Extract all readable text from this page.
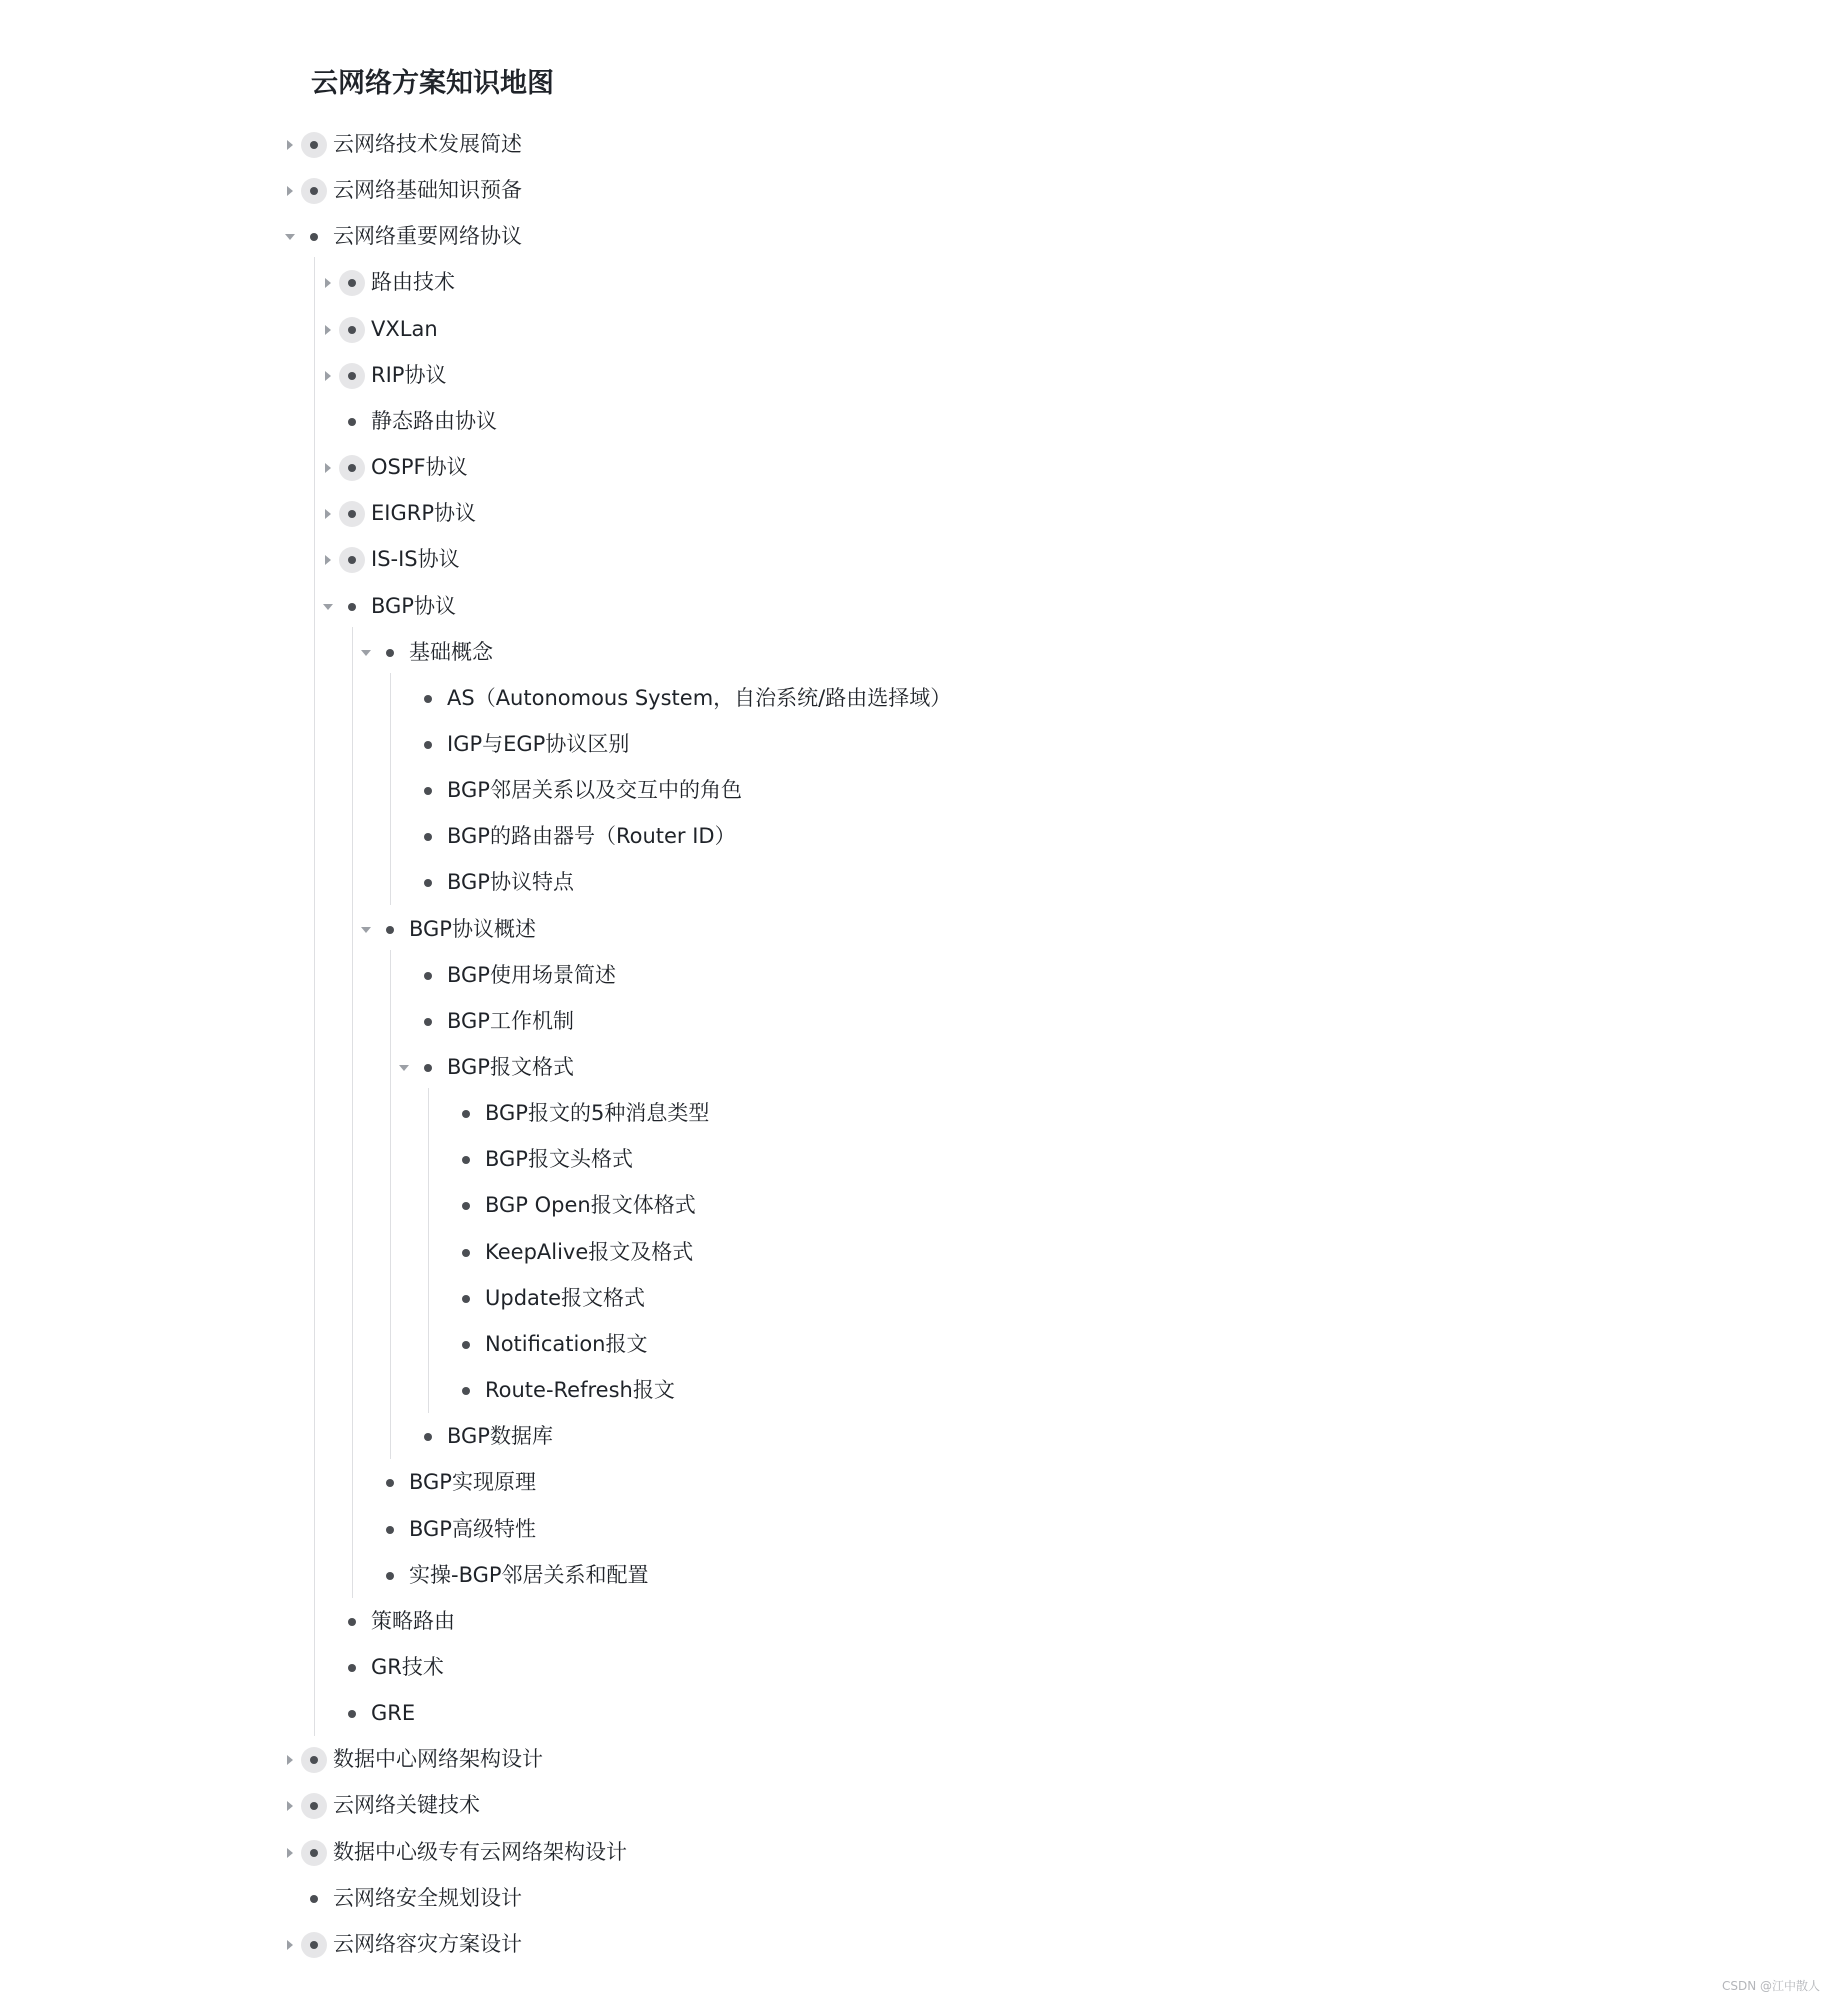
云网络方案知识地图
云网络技术发展简述
云网络基础知识预备
云网络重要网络协议
路由技术
VXLan
RIP协议
静态路由协议
OSPF协议
EIGRP协议
IS-IS协议
BGP协议
基础概念
AS（Autonomous System，自治系统/路由选择域）
IGP与EGP协议区别
BGP邻居关系以及交互中的角色
BGP的路由器号（Router ID）
BGP协议特点
BGP协议概述
BGP使用场景简述
BGP工作机制
BGP报文格式
BGP报文的5种消息类型
BGP报文头格式
BGP Open报文体格式
KeepAlive报文及格式
Update报文格式
Notification报文
Route-Refresh报文
BGP数据库
BGP实现原理
BGP高级特性
实操-BGP邻居关系和配置
策略路由
GR技术
GRE
数据中心网络架构设计
云网络关键技术
数据中心级专有云网络架构设计
云网络安全规划设计
云网络容灾方案设计
CSDN @江中散人
